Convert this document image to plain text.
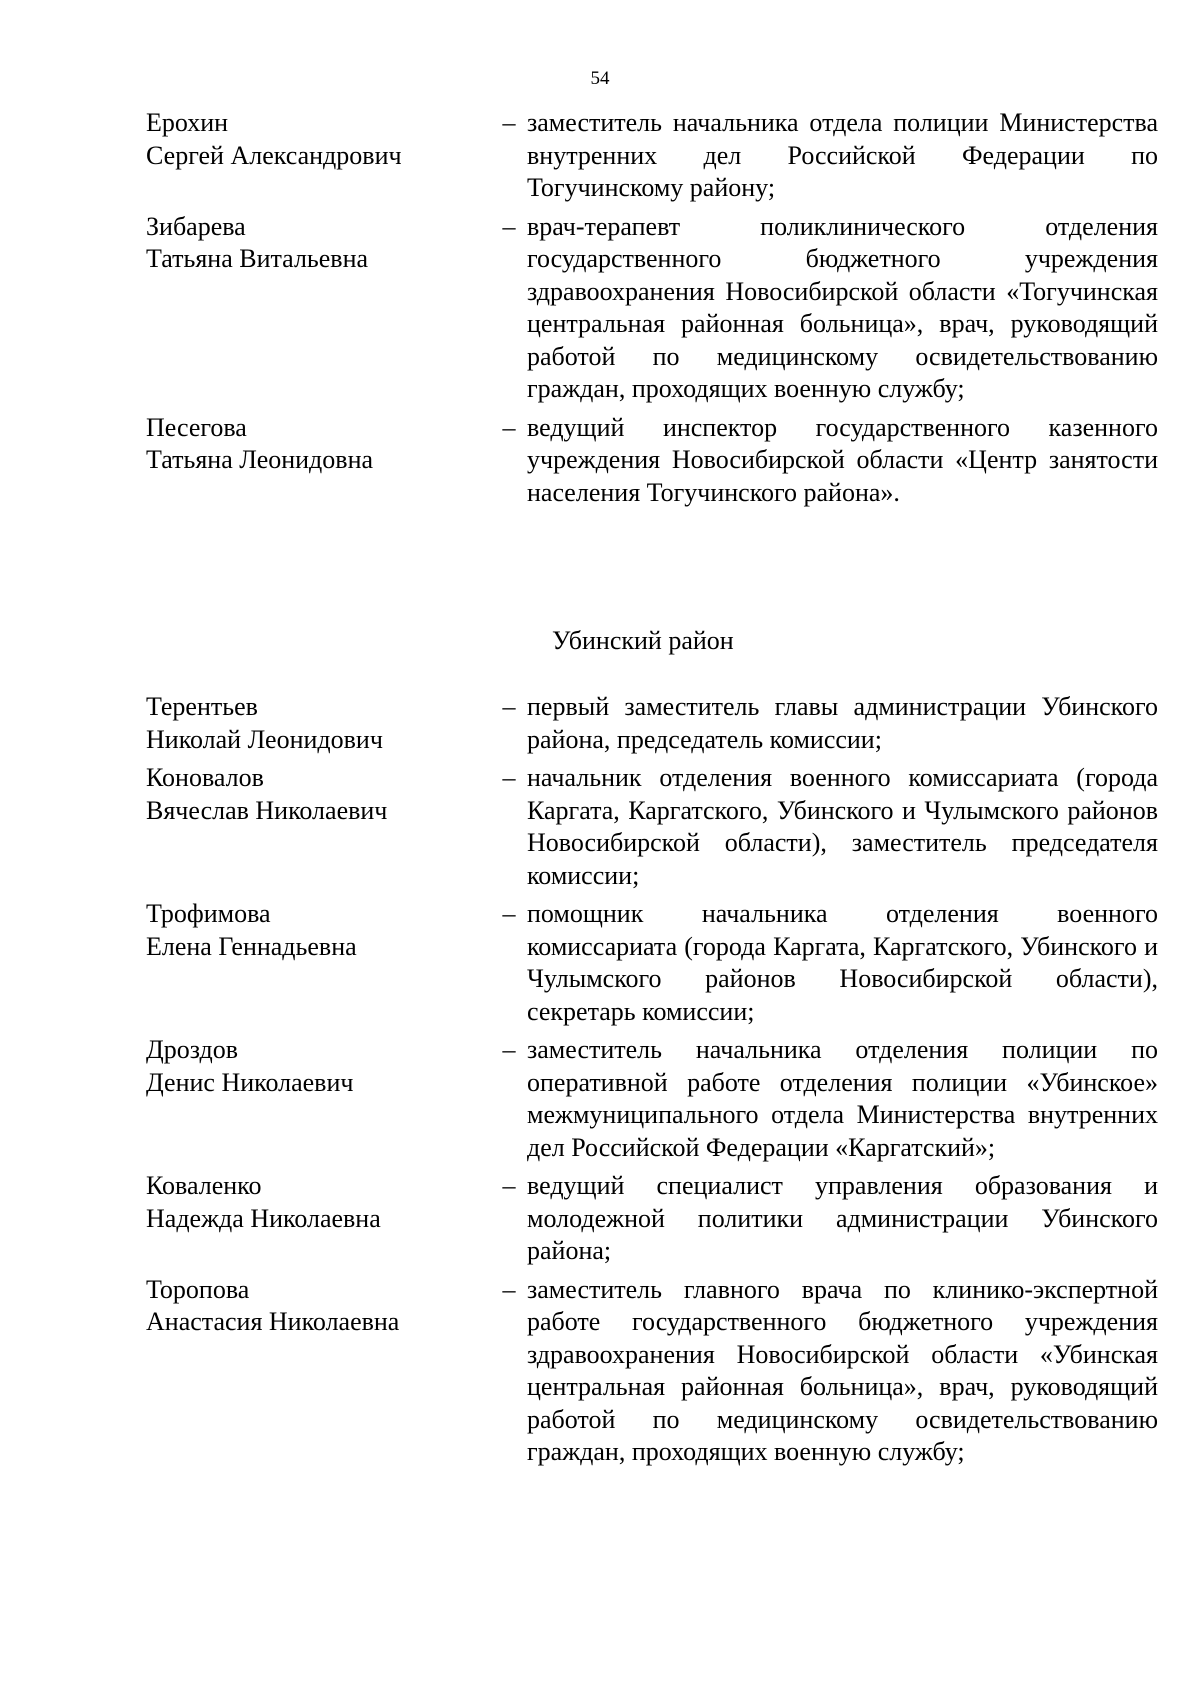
54
Ерохин
Сергей Александрович
– заместитель начальника отдела полиции Министерства внутренних дел Российской Федерации по Тогучинскому району;
Зибарева
Татьяна Витальевна
– врач-терапевт поликлинического отделения государственного бюджетного учреждения здравоохранения Новосибирской области «Тогучинская центральная районная больница», врач, руководящий работой по медицинскому освидетельствованию граждан, проходящих военную службу;
Песегова
Татьяна Леонидовна
– ведущий инспектор государственного казенного учреждения Новосибирской области «Центр занятости населения Тогучинского района».
Убинский район
Терентьев
Николай Леонидович
– первый заместитель главы администрации Убинского района, председатель комиссии;
Коновалов
Вячеслав Николаевич
– начальник отделения военного комиссариата (города Каргата, Каргатского, Убинского и Чулымского районов Новосибирской области), заместитель председателя комиссии;
Трофимова
Елена Геннадьевна
– помощник начальника отделения военного комиссариата (города Каргата, Каргатского, Убинского и Чулымского районов Новосибирской области), секретарь комиссии;
Дроздов
Денис Николаевич
– заместитель начальника отделения полиции по оперативной работе отделения полиции «Убинское» межмуниципального отдела Министерства внутренних дел Российской Федерации «Каргатский»;
Коваленко
Надежда Николаевна
– ведущий специалист управления образования и молодежной политики администрации Убинского района;
Торопова
Анастасия Николаевна
– заместитель главного врача по клинико-экспертной работе государственного бюджетного учреждения здравоохранения Новосибирской области «Убинская центральная районная больница», врач, руководящий работой по медицинскому освидетельствованию граждан, проходящих военную службу;
